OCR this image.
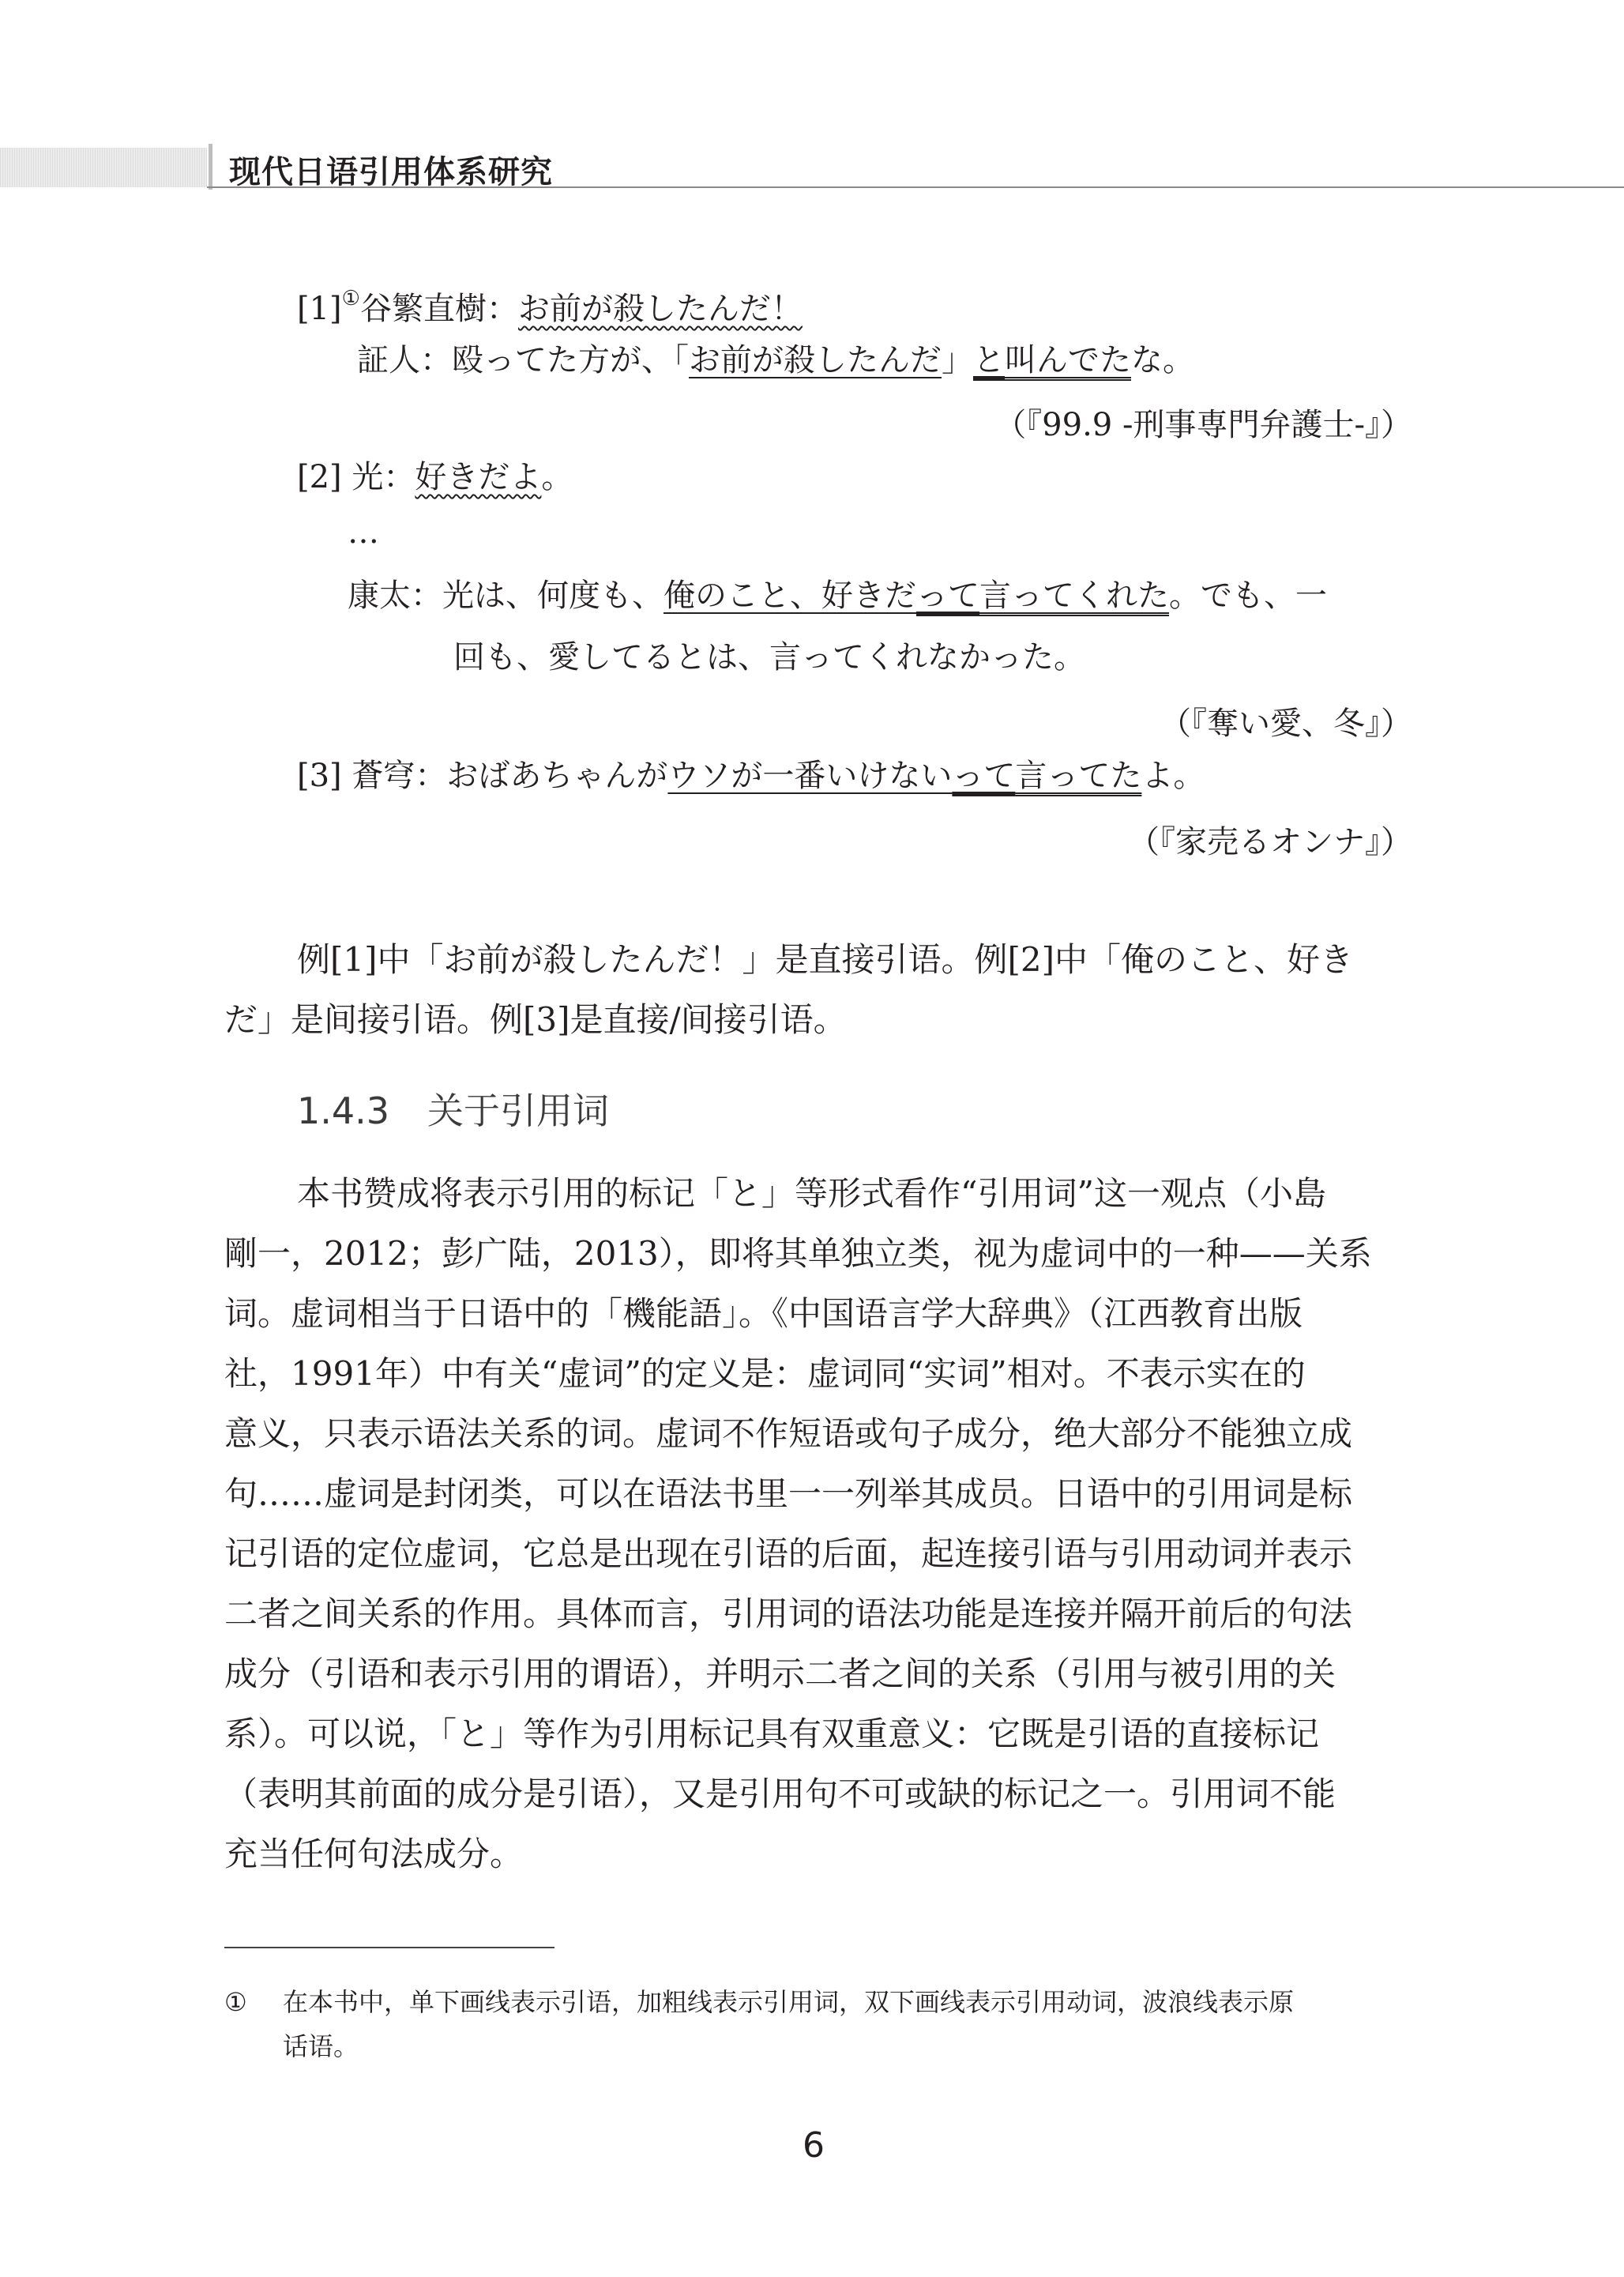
现代日语引用体系研究
[1]①谷繁直樹：お前が殺したんだ！
証人：殴ってた方が、「お前が殺したんだ」と叫んでたな。
（『99.9 -刑事専門弁護士-』）
[2] 光：好きだよ。
…
康太：光は、何度も、俺のこと、好きだって言ってくれた。でも、一
回も、愛してるとは、言ってくれなかった。
（『奪い愛、冬』）
[3] 蒼穹：おばあちゃんがウソが一番いけないって言ってたよ。
（『家売るオンナ』）
例[1]中「お前が殺したんだ！」是直接引语。例[2]中「俺のこと、好き
だ」是间接引语。例[3]是直接/间接引语。
1.4.3 关于引用词
本书赞成将表示引用的标记「と」等形式看作“引用词”这一观点（小島
剛一，2012；彭广陆，2013），即将其单独立类，视为虚词中的一种——关系
词。虚词相当于日语中的「機能語」。《中国语言学大辞典》（江西教育出版
社，1991年）中有关“虚词”的定义是：虚词同“实词”相对。不表示实在的
意义，只表示语法关系的词。虚词不作短语或句子成分，绝大部分不能独立成
句……虚词是封闭类，可以在语法书里一一列举其成员。日语中的引用词是标
记引语的定位虚词，它总是出现在引语的后面，起连接引语与引用动词并表示
二者之间关系的作用。具体而言，引用词的语法功能是连接并隔开前后的句法
成分（引语和表示引用的谓语），并明示二者之间的关系（引用与被引用的关
系）。可以说，「と」等作为引用标记具有双重意义：它既是引语的直接标记
（表明其前面的成分是引语），又是引用句不可或缺的标记之一。引用词不能
充当任何句法成分。
① 在本书中，单下画线表示引语，加粗线表示引用词，双下画线表示引用动词，波浪线表示原
话语。
6
